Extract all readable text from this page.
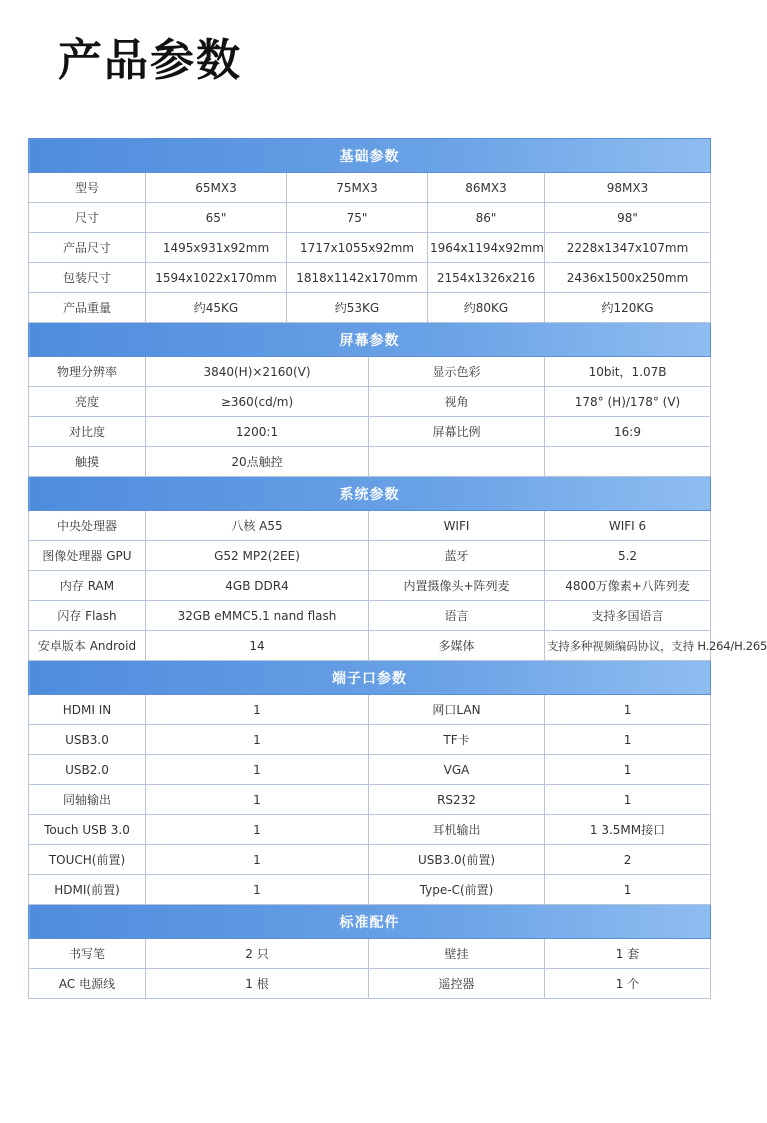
产品参数
基础参数					
型号	65MX3	75MX3		86MX3	98MX3
尺寸	65"	75"		86"	98"
产品尺寸	1495x931x92mm	1717x1055x92mm		1964x1194x92mm	2228x1347x107mm
包装尺寸	1594x1022x170mm	1818x1142x170mm		2154x1326x216	2436x1500x250mm
产品重量	约45KG	约53KG		约80KG	约120KG
屏幕参数					
物理分辨率	3840(H)×2160(V)		显示色彩		10bit，1.07B
亮度	≥360(cd/m)		视角		178° (H)/178° (V)
对比度	1200:1		屏幕比例		16:9
触摸	20点触控				
系统参数					
中央处理器	八核 A55		WIFI		WIFI 6
图像处理器 GPU	G52 MP2(2EE)		蓝牙		5.2
内存 RAM	4GB DDR4		内置摄像头+阵列麦		4800万像素+八阵列麦
闪存 Flash	32GB eMMC5.1 nand flash		语言		支持多国语言
安卓版本 Android	14		多媒体		支持多种视频编码协议，支持 H.264/H.265
端子口参数					
HDMI IN	1		网口LAN		1
USB3.0	1		TF卡		1
USB2.0	1		VGA		1
同轴输出	1		RS232		1
Touch USB 3.0	1		耳机输出		1 3.5MM接口
TOUCH(前置)	1		USB3.0(前置)		2
HDMI(前置)	1		Type-C(前置)		1
标准配件					
书写笔	2 只		壁挂		1 套
AC 电源线	1 根		遥控器		1 个
